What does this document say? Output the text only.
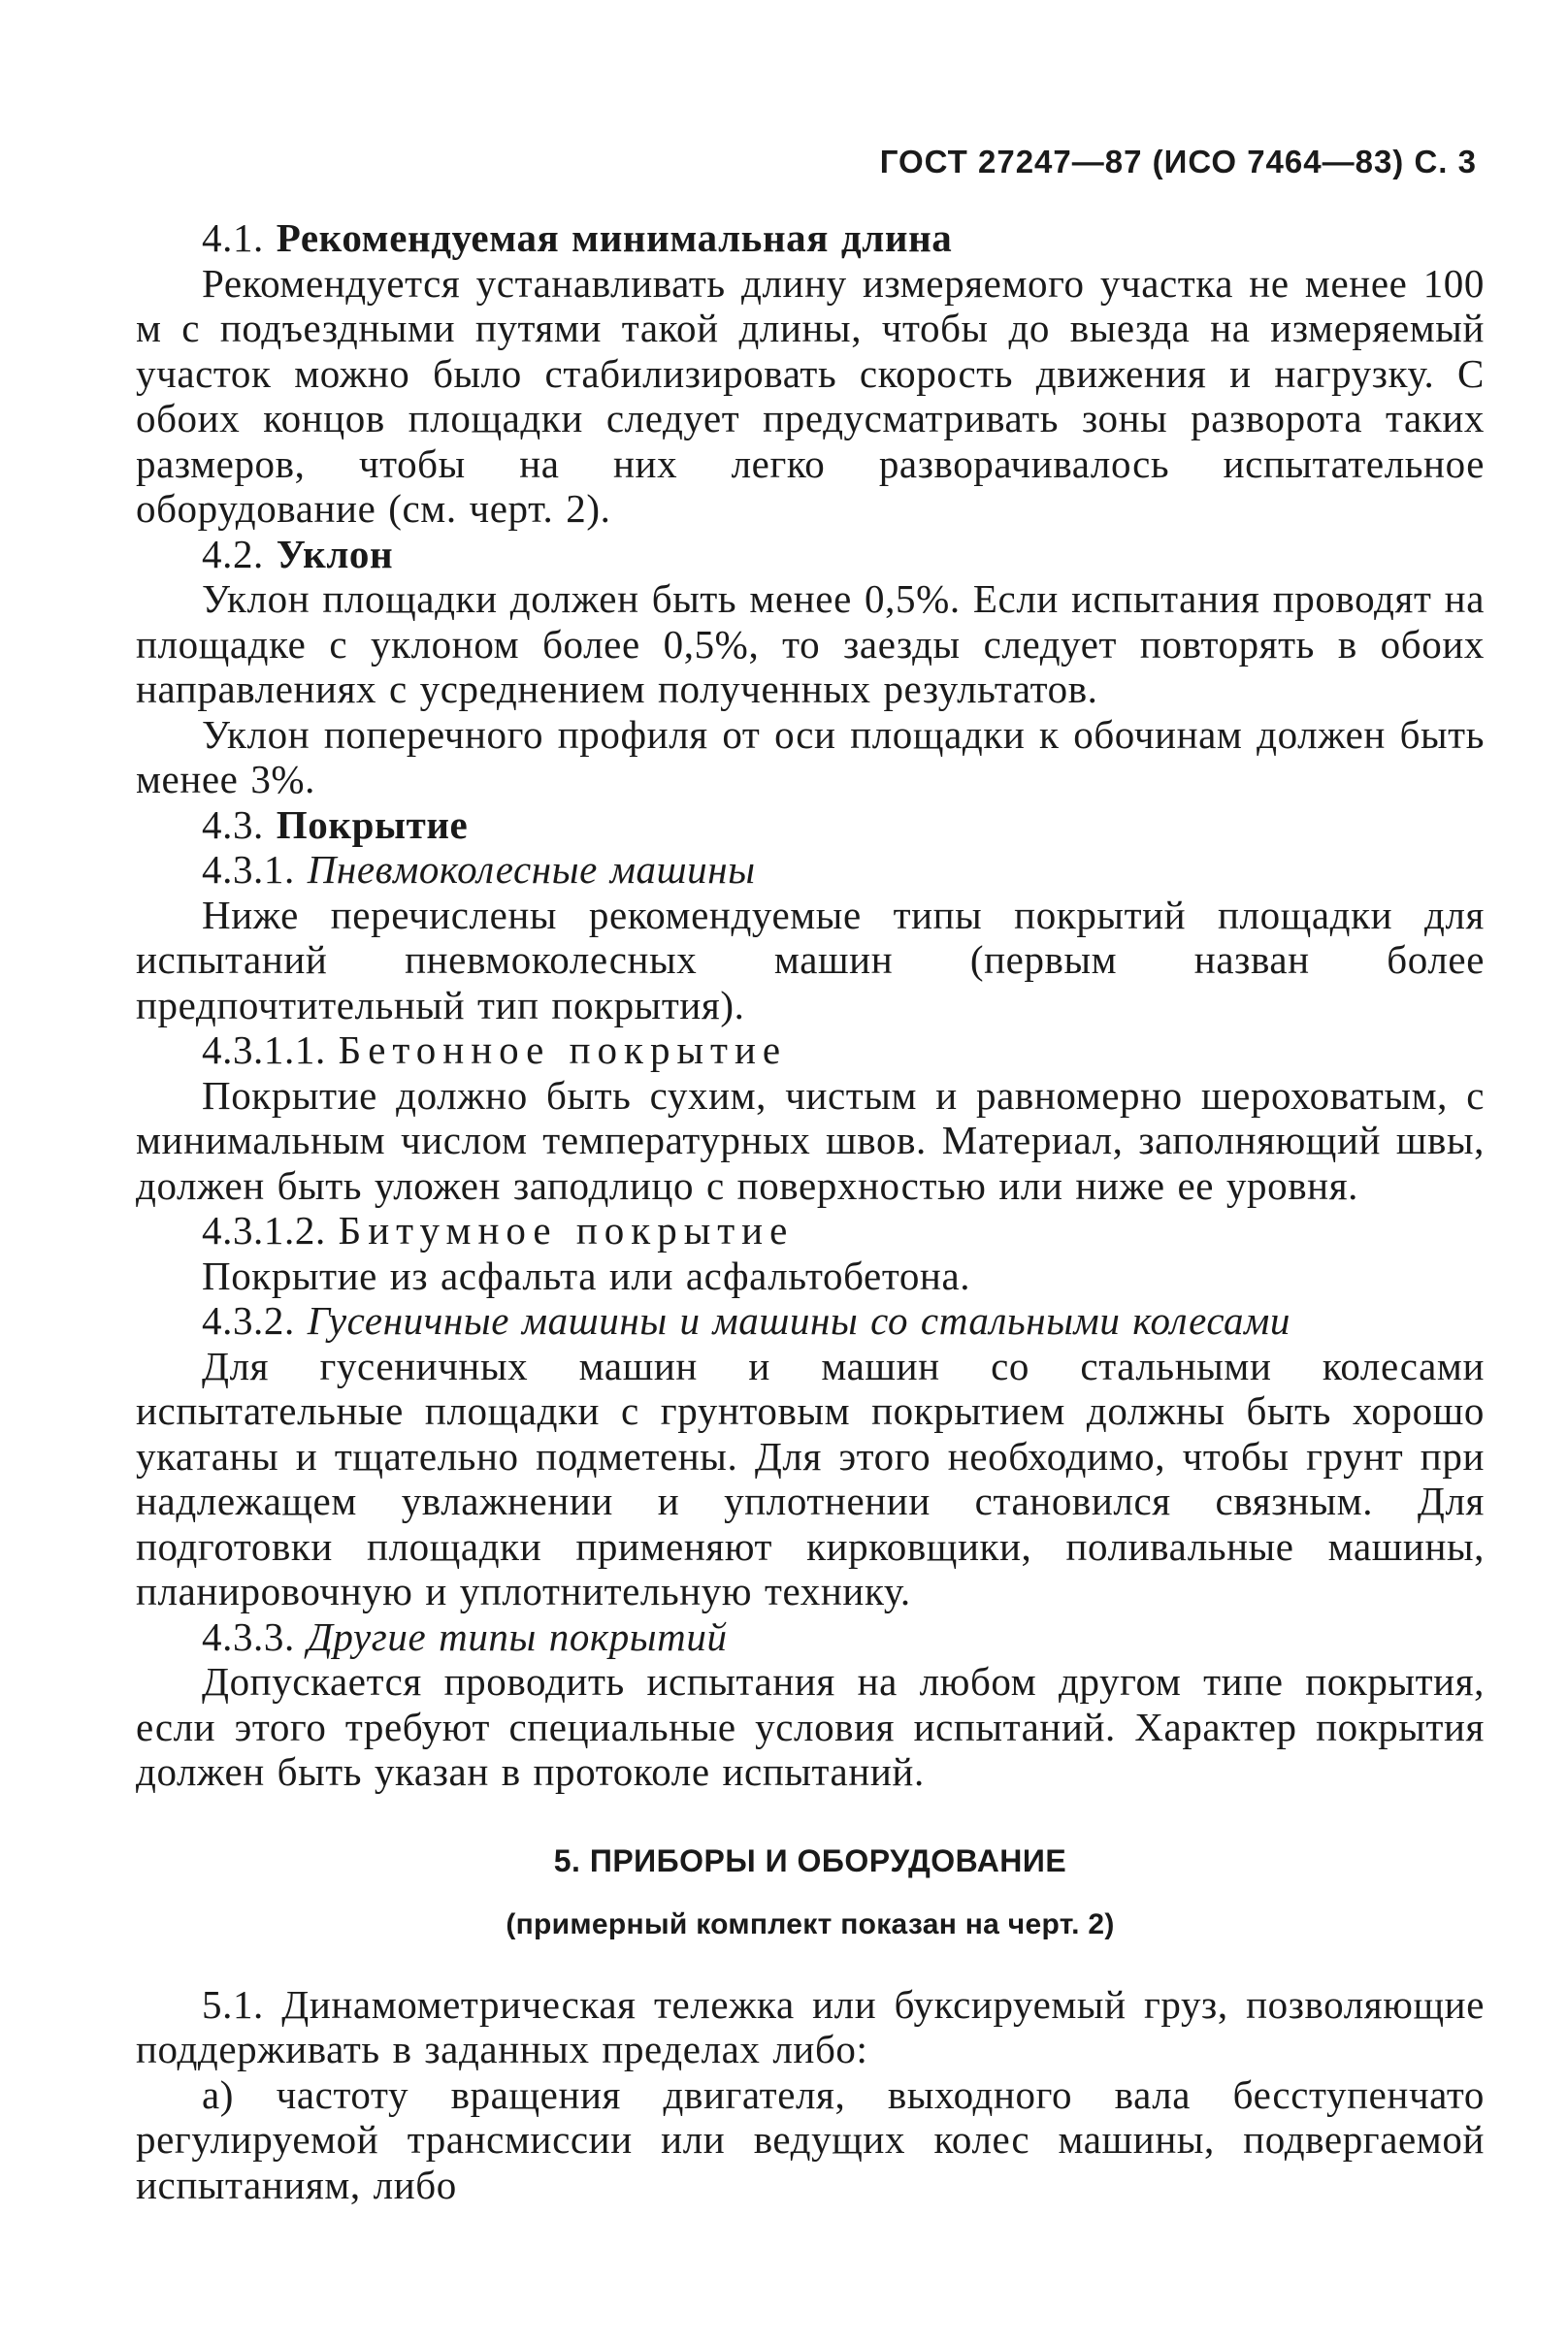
ГОСТ 27247—87 (ИСО 7464—83) С. 3

4.1. Рекомендуемая минимальная длина

Рекомендуется устанавливать длину измеряемого участка не менее 100 м с подъездными путями такой длины, чтобы до выезда на измеряемый участок можно было стабилизировать скорость движения и нагрузку. С обоих концов площадки следует предусматривать зоны разворота таких размеров, чтобы на них легко разворачивалось испытательное оборудование (см. черт. 2).

4.2. Уклон

Уклон площадки должен быть менее 0,5%. Если испытания проводят на площадке с уклоном более 0,5%, то заезды следует повторять в обоих направлениях с усреднением полученных результатов.

Уклон поперечного профиля от оси площадки к обочинам должен быть менее 3%.

4.3. Покрытие

4.3.1. Пневмоколесные машины

Ниже перечислены рекомендуемые типы покрытий площадки для испытаний пневмоколесных машин (первым назван более предпочтительный тип покрытия).

4.3.1.1. Бетонное покрытие

Покрытие должно быть сухим, чистым и равномерно шероховатым, с минимальным числом температурных швов. Материал, заполняющий швы, должен быть уложен заподлицо с поверхностью или ниже ее уровня.

4.3.1.2. Битумное покрытие

Покрытие из асфальта или асфальтобетона.

4.3.2. Гусеничные машины и машины со стальными колесами

Для гусеничных машин и машин со стальными колесами испытательные площадки с грунтовым покрытием должны быть хорошо укатаны и тщательно подметены. Для этого необходимо, чтобы грунт при надлежащем увлажнении и уплотнении становился связным. Для подготовки площадки применяют кирковщики, поливальные машины, планировочную и уплотнительную технику.

4.3.3. Другие типы покрытий

Допускается проводить испытания на любом другом типе покрытия, если этого требуют специальные условия испытаний. Характер покрытия должен быть указан в протоколе испытаний.

5. ПРИБОРЫ И ОБОРУДОВАНИЕ
(примерный комплект показан на черт. 2)

5.1. Динамометрическая тележка или буксируемый груз, позволяющие поддерживать в заданных пределах либо:

а) частоту вращения двигателя, выходного вала бесступенчато регулируемой трансмиссии или ведущих колес машины, подвергаемой испытаниям, либо
